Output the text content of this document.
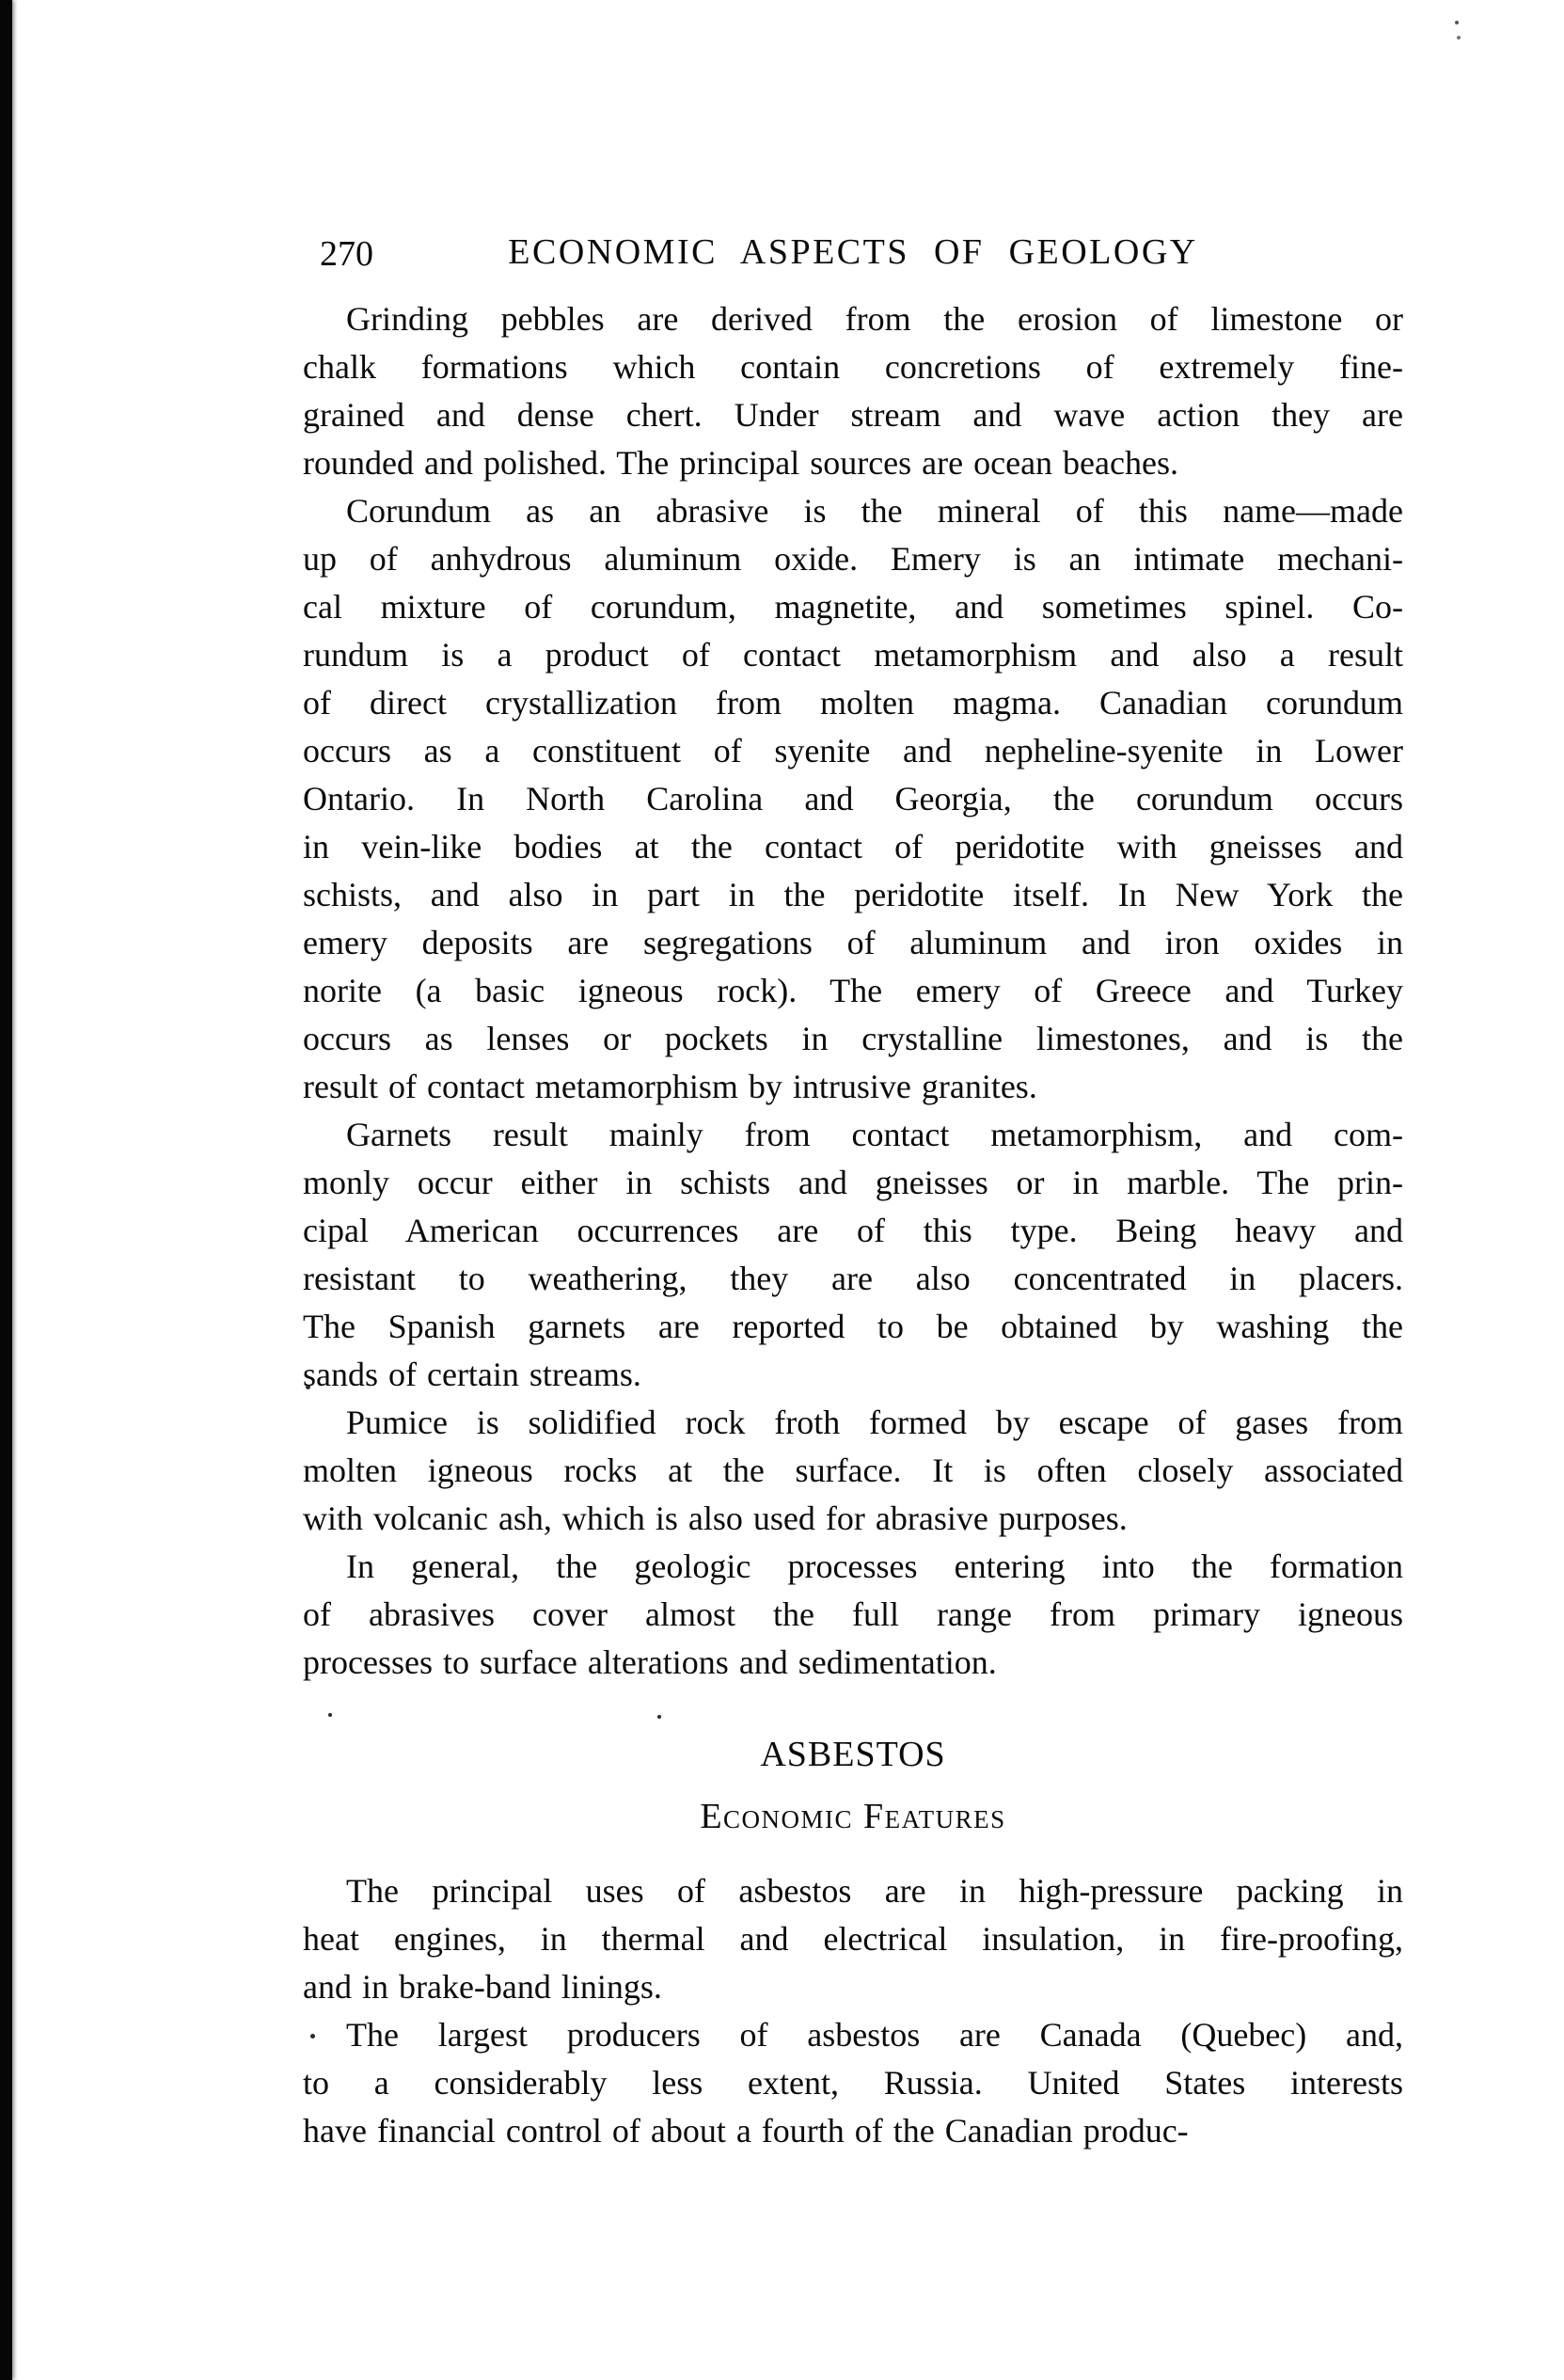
270	ECONOMIC ASPECTS OF GEOLOGY
Grinding pebbles are derived from the erosion of limestone or
chalk formations which contain concretions of extremely fine-
grained and dense chert. Under stream and wave action they are
rounded and polished. The principal sources are ocean beaches.
Corundum as an abrasive is the mineral of this name—made
up of anhydrous aluminum oxide. Emery is an intimate mechani-
cal mixture of corundum, magnetite, and sometimes spinel. Co-
rundum is a product of contact metamorphism and also a result
of direct crystallization from molten magma. Canadian corundum
occurs as a constituent of syenite and nepheline-syenite in Lower
Ontario. In North Carolina and Georgia, the corundum occurs
in vein-like bodies at the contact of peridotite with gneisses and
schists, and also in part in the peridotite itself. In New York the
emery deposits are segregations of aluminum and iron oxides in
norite (a basic igneous rock). The emery of Greece and Turkey
occurs as lenses or pockets in crystalline limestones, and is the
result of contact metamorphism by intrusive granites.
Garnets result mainly from contact metamorphism, and com-
monly occur either in schists and gneisses or in marble. The prin-
cipal American occurrences are of this type. Being heavy and
resistant to weathering, they are also concentrated in placers.
The Spanish garnets are reported to be obtained by washing the
sands of certain streams.
Pumice is solidified rock froth formed by escape of gases from
molten igneous rocks at the surface. It is often closely associated
with volcanic ash, which is also used for abrasive purposes.
In general, the geologic processes entering into the formation
of abrasives cover almost the full range from primary igneous
processes to surface alterations and sedimentation.
ASBESTOS
Economic Features
The principal uses of asbestos are in high-pressure packing in
heat engines, in thermal and electrical insulation, in fire-proofing,
and in brake-band linings.
The largest producers of asbestos are Canada (Quebec) and,
to a considerably less extent, Russia. United States interests
have financial control of about a fourth of the Canadian produc-
